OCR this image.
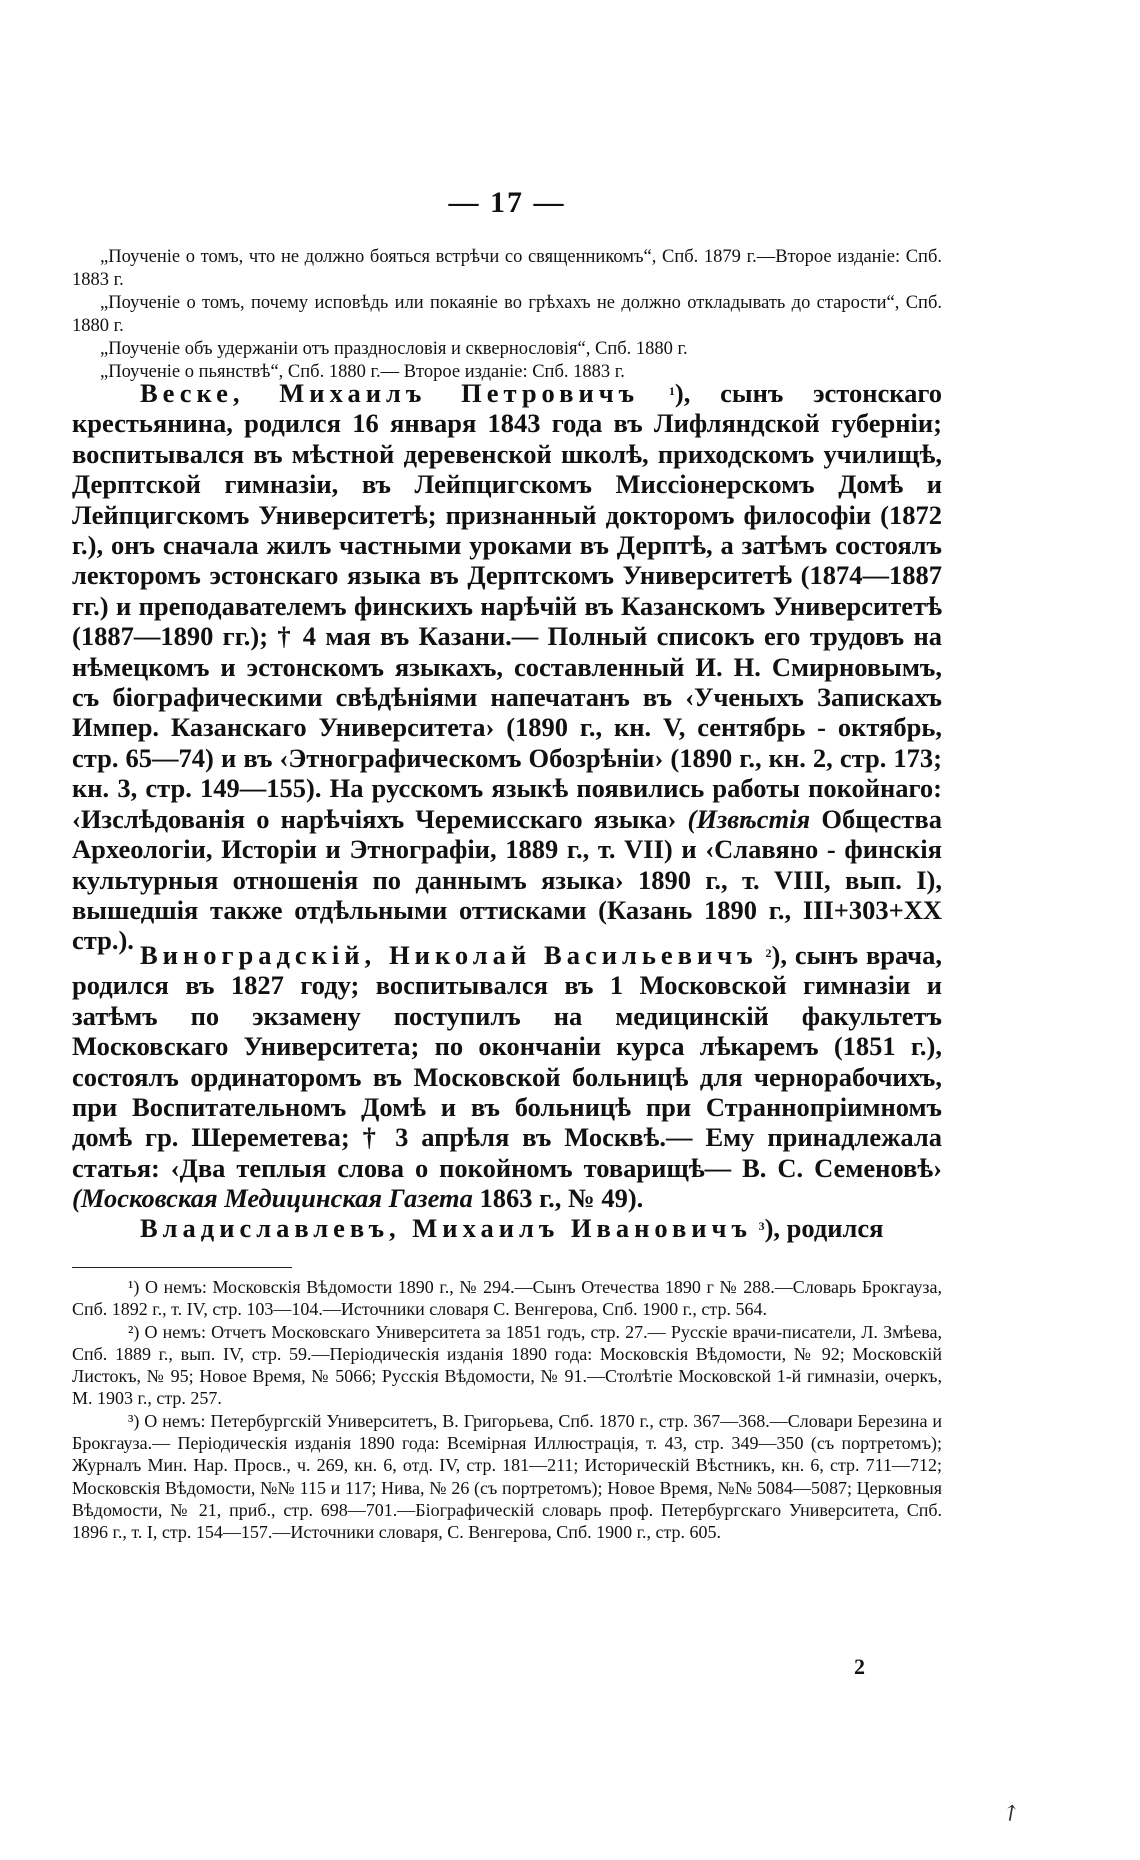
— 17 —

„Поученіе о томъ, что не должно бояться встрѣчи со священникомъ“, Спб. 1879 г.—Второе изданіе: Спб. 1883 г.

„Поученіе о томъ, почему исповѣдь или покаяніе во грѣхахъ не должно откладывать до старости“, Спб. 1880 г.

„Поученіе объ удержаніи отъ празднословія и сквернословія“, Спб. 1880 г.

„Поученіе о пьянствѣ“, Спб. 1880 г.— Второе изданіе: Спб. 1883 г.

Веске, Михаилъ Петровичъ $^1$), сынъ эстонскаго крестьянина, родился 16 января 1843 года въ Лифляндской губерніи; воспитывался въ мѣстной деревенской школѣ, приходскомъ училищѣ, Дерптской гимназіи, въ Лейпцигскомъ Миссіонерскомъ Домѣ и Лейпцигскомъ Университетѣ; признанный докторомъ философіи (1872 г.), онъ сначала жилъ частными уроками въ Дерптѣ, а затѣмъ состоялъ лекторомъ эстонскаго языка въ Дерптскомъ Университетѣ (1874—1887 гг.) и преподавателемъ финскихъ нарѣчій въ Казанскомъ Университетѣ (1887—1890 гг.); † 4 мая въ Казани.— Полный списокъ его трудовъ на нѣмецкомъ и эстонскомъ языкахъ, составленный И. Н. Смирновымъ, съ біографическими свѣдѣніями напечатанъ въ ‹Ученыхъ Запискахъ Импер. Казанскаго Университета› (1890 г., кн. V, сентябрь - октябрь, стр. 65—74) и въ ‹Этнографическомъ Обозрѣніи› (1890 г., кн. 2, стр. 173; кн. 3, стр. 149—155). На русскомъ языкѣ появились работы покойнаго: ‹Изслѣдованія о нарѣчіяхъ Черемисскаго языка› (Извѣстія Общества Археологіи, Исторіи и Этнографіи, 1889 г., т. VII) и ‹Славяно - финскія культурныя отношенія по даннымъ языка› 1890 г., т. VIII, вып. I), вышедшія также отдѣльными оттисками (Казань 1890 г., III+303+XX стр.). Виноградскій, Николай Васильевичъ $^2$), сынъ врача, родился въ 1827 году; воспитывался въ 1 Московской гимназіи и затѣмъ по экзамену поступилъ на медицинскій факультетъ Московскаго Университета; по окончаніи курса лѣкаремъ (1851 г.), состоялъ ординаторомъ въ Московской больницѣ для чернорабочихъ, при Воспитательномъ Домѣ и въ больницѣ при Страннопріимномъ домѣ гр. Шереметева; † 3 апрѣля въ Москвѣ.— Ему принадлежала статья: ‹Два теплыя слова о покойномъ товарищѣ— В. С. Семеновѣ› (Московская Медицинская Газета 1863 г., № 49).

Владиславлевъ, Михаилъ Ивановичъ $^3$), родился

¹) О немъ: Московскія Вѣдомости 1890 г., № 294.—Сынъ Отечества 1890 г № 288.—Словарь Брокгауза, Спб. 1892 г., т. IV, стр. 103—104.—Источники словаря С. Венгерова, Спб. 1900 г., стр. 564.

²) О немъ: Отчетъ Московскаго Университета за 1851 годъ, стр. 27.— Русскіе врачи-писатели, Л. Змѣева, Спб. 1889 г., вып. IV, стр. 59.—Періодическія изданія 1890 года: Московскія Вѣдомости, № 92; Московскій Листокъ, № 95; Новое Время, № 5066; Русскія Вѣдомости, № 91.—Столѣтіе Московской 1-й гимназіи, очеркъ, М. 1903 г., стр. 257.

³) О немъ: Петербургскій Университетъ, В. Григорьева, Спб. 1870 г., стр. 367—368.—Словари Березина и Брокгауза.— Періодическія изданія 1890 года: Всемірная Иллюстрація, т. 43, стр. 349—350 (съ портретомъ); Журналъ Мин. Нар. Просв., ч. 269, кн. 6, отд. IV, стр. 181—211; Историческій Вѣстникъ, кн. 6, стр. 711—712; Московскія Вѣдомости, №№ 115 и 117; Нива, № 26 (съ портретомъ); Новое Время, №№ 5084—5087; Церковныя Вѣдомости, № 21, приб., стр. 698—701.—Біографическій словарь проф. Петербургскаго Университета, Спб. 1896 г., т. I, стр. 154—157.—Источники словаря, С. Венгерова, Спб. 1900 г., стр. 605.

2
↗
